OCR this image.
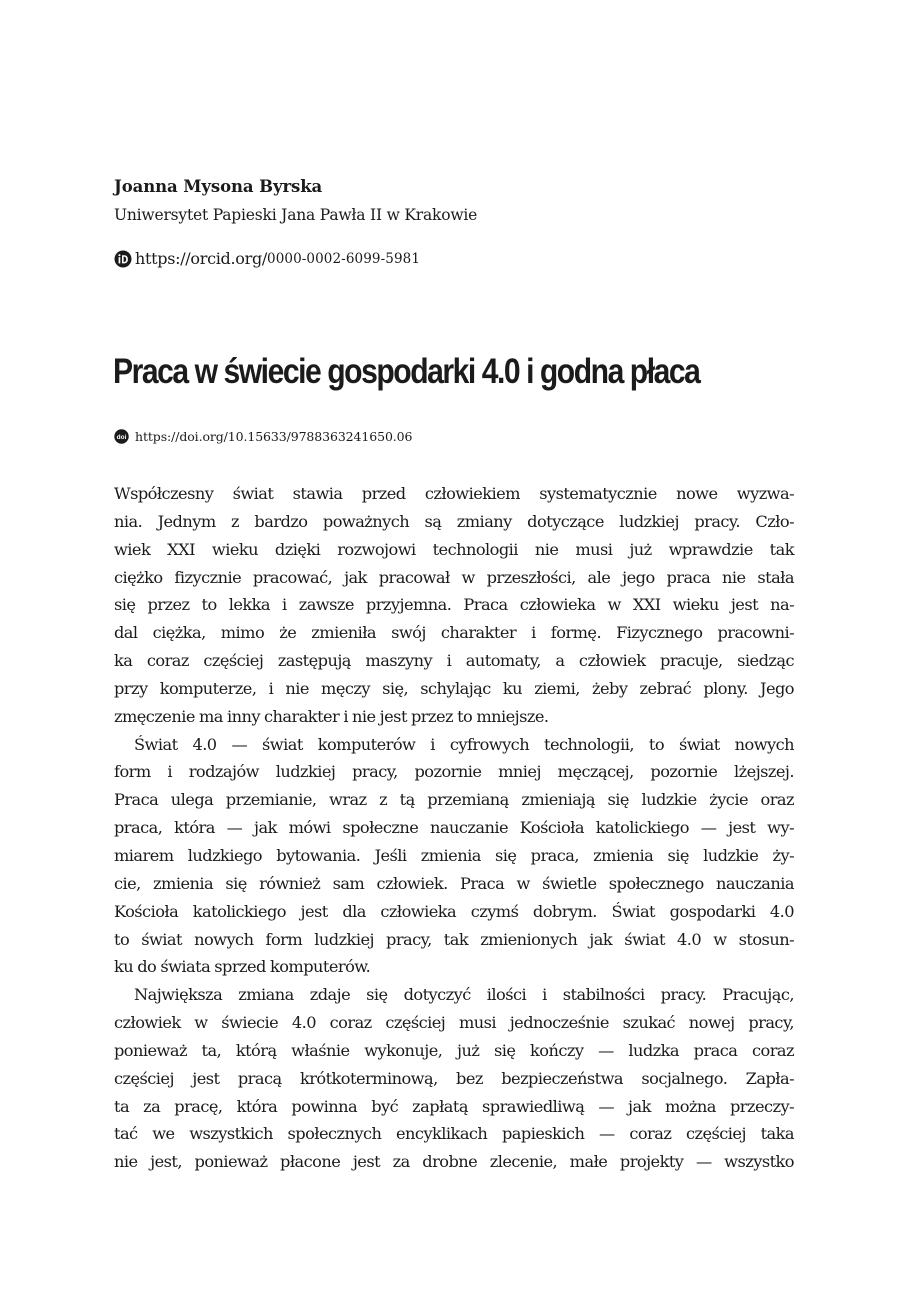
Joanna Mysona Byrska
Uniwersytet Papieski Jana Pawła II w Krakowie
https://orcid.org/ 0000-0002-6099-5981
Praca w świecie gospodarki 4.0 i godna płaca
doi https://doi.org/10.15633/9788363241650.06
Współczesny świat stawia przed człowiekiem systematycznie nowe wyzwa-
nia. Jednym z bardzo poważnych są zmiany dotyczące ludzkiej pracy. Czło-
wiek XXI wieku dzięki rozwojowi technologii nie musi już wprawdzie tak
ciężko fizycznie pracować, jak pracował w przeszłości, ale jego praca nie stała
się przez to lekka i zawsze przyjemna. Praca człowieka w XXI wieku jest na-
dal ciężka, mimo że zmieniła swój charakter i formę. Fizycznego pracowni-
ka coraz częściej zastępują maszyny i automaty, a człowiek pracuje, siedząc
przy komputerze, i nie męczy się, schylając ku ziemi, żeby zebrać plony. Jego
zmęczenie ma inny charakter i nie jest przez to mniejsze.
Świat 4.0 — świat komputerów i cyfrowych technologii, to świat nowych
form i rodzajów ludzkiej pracy, pozornie mniej męczącej, pozornie lżejszej.
Praca ulega przemianie, wraz z tą przemianą zmieniają się ludzkie życie oraz
praca, która — jak mówi społeczne nauczanie Kościoła katolickiego — jest wy-
miarem ludzkiego bytowania. Jeśli zmienia się praca, zmienia się ludzkie ży-
cie, zmienia się również sam człowiek. Praca w świetle społecznego nauczania
Kościoła katolickiego jest dla człowieka czymś dobrym. Świat gospodarki 4.0
to świat nowych form ludzkiej pracy, tak zmienionych jak świat 4.0 w stosun-
ku do świata sprzed komputerów.
Największa zmiana zdaje się dotyczyć ilości i stabilności pracy. Pracując,
człowiek w świecie 4.0 coraz częściej musi jednocześnie szukać nowej pracy,
ponieważ ta, którą właśnie wykonuje, już się kończy — ludzka praca coraz
częściej jest pracą krótkoterminową, bez bezpieczeństwa socjalnego. Zapła-
ta za pracę, która powinna być zapłatą sprawiedliwą — jak można przeczy-
tać we wszystkich społecznych encyklikach papieskich — coraz częściej taka
nie jest, ponieważ płacone jest za drobne zlecenie, małe projekty — wszystko
